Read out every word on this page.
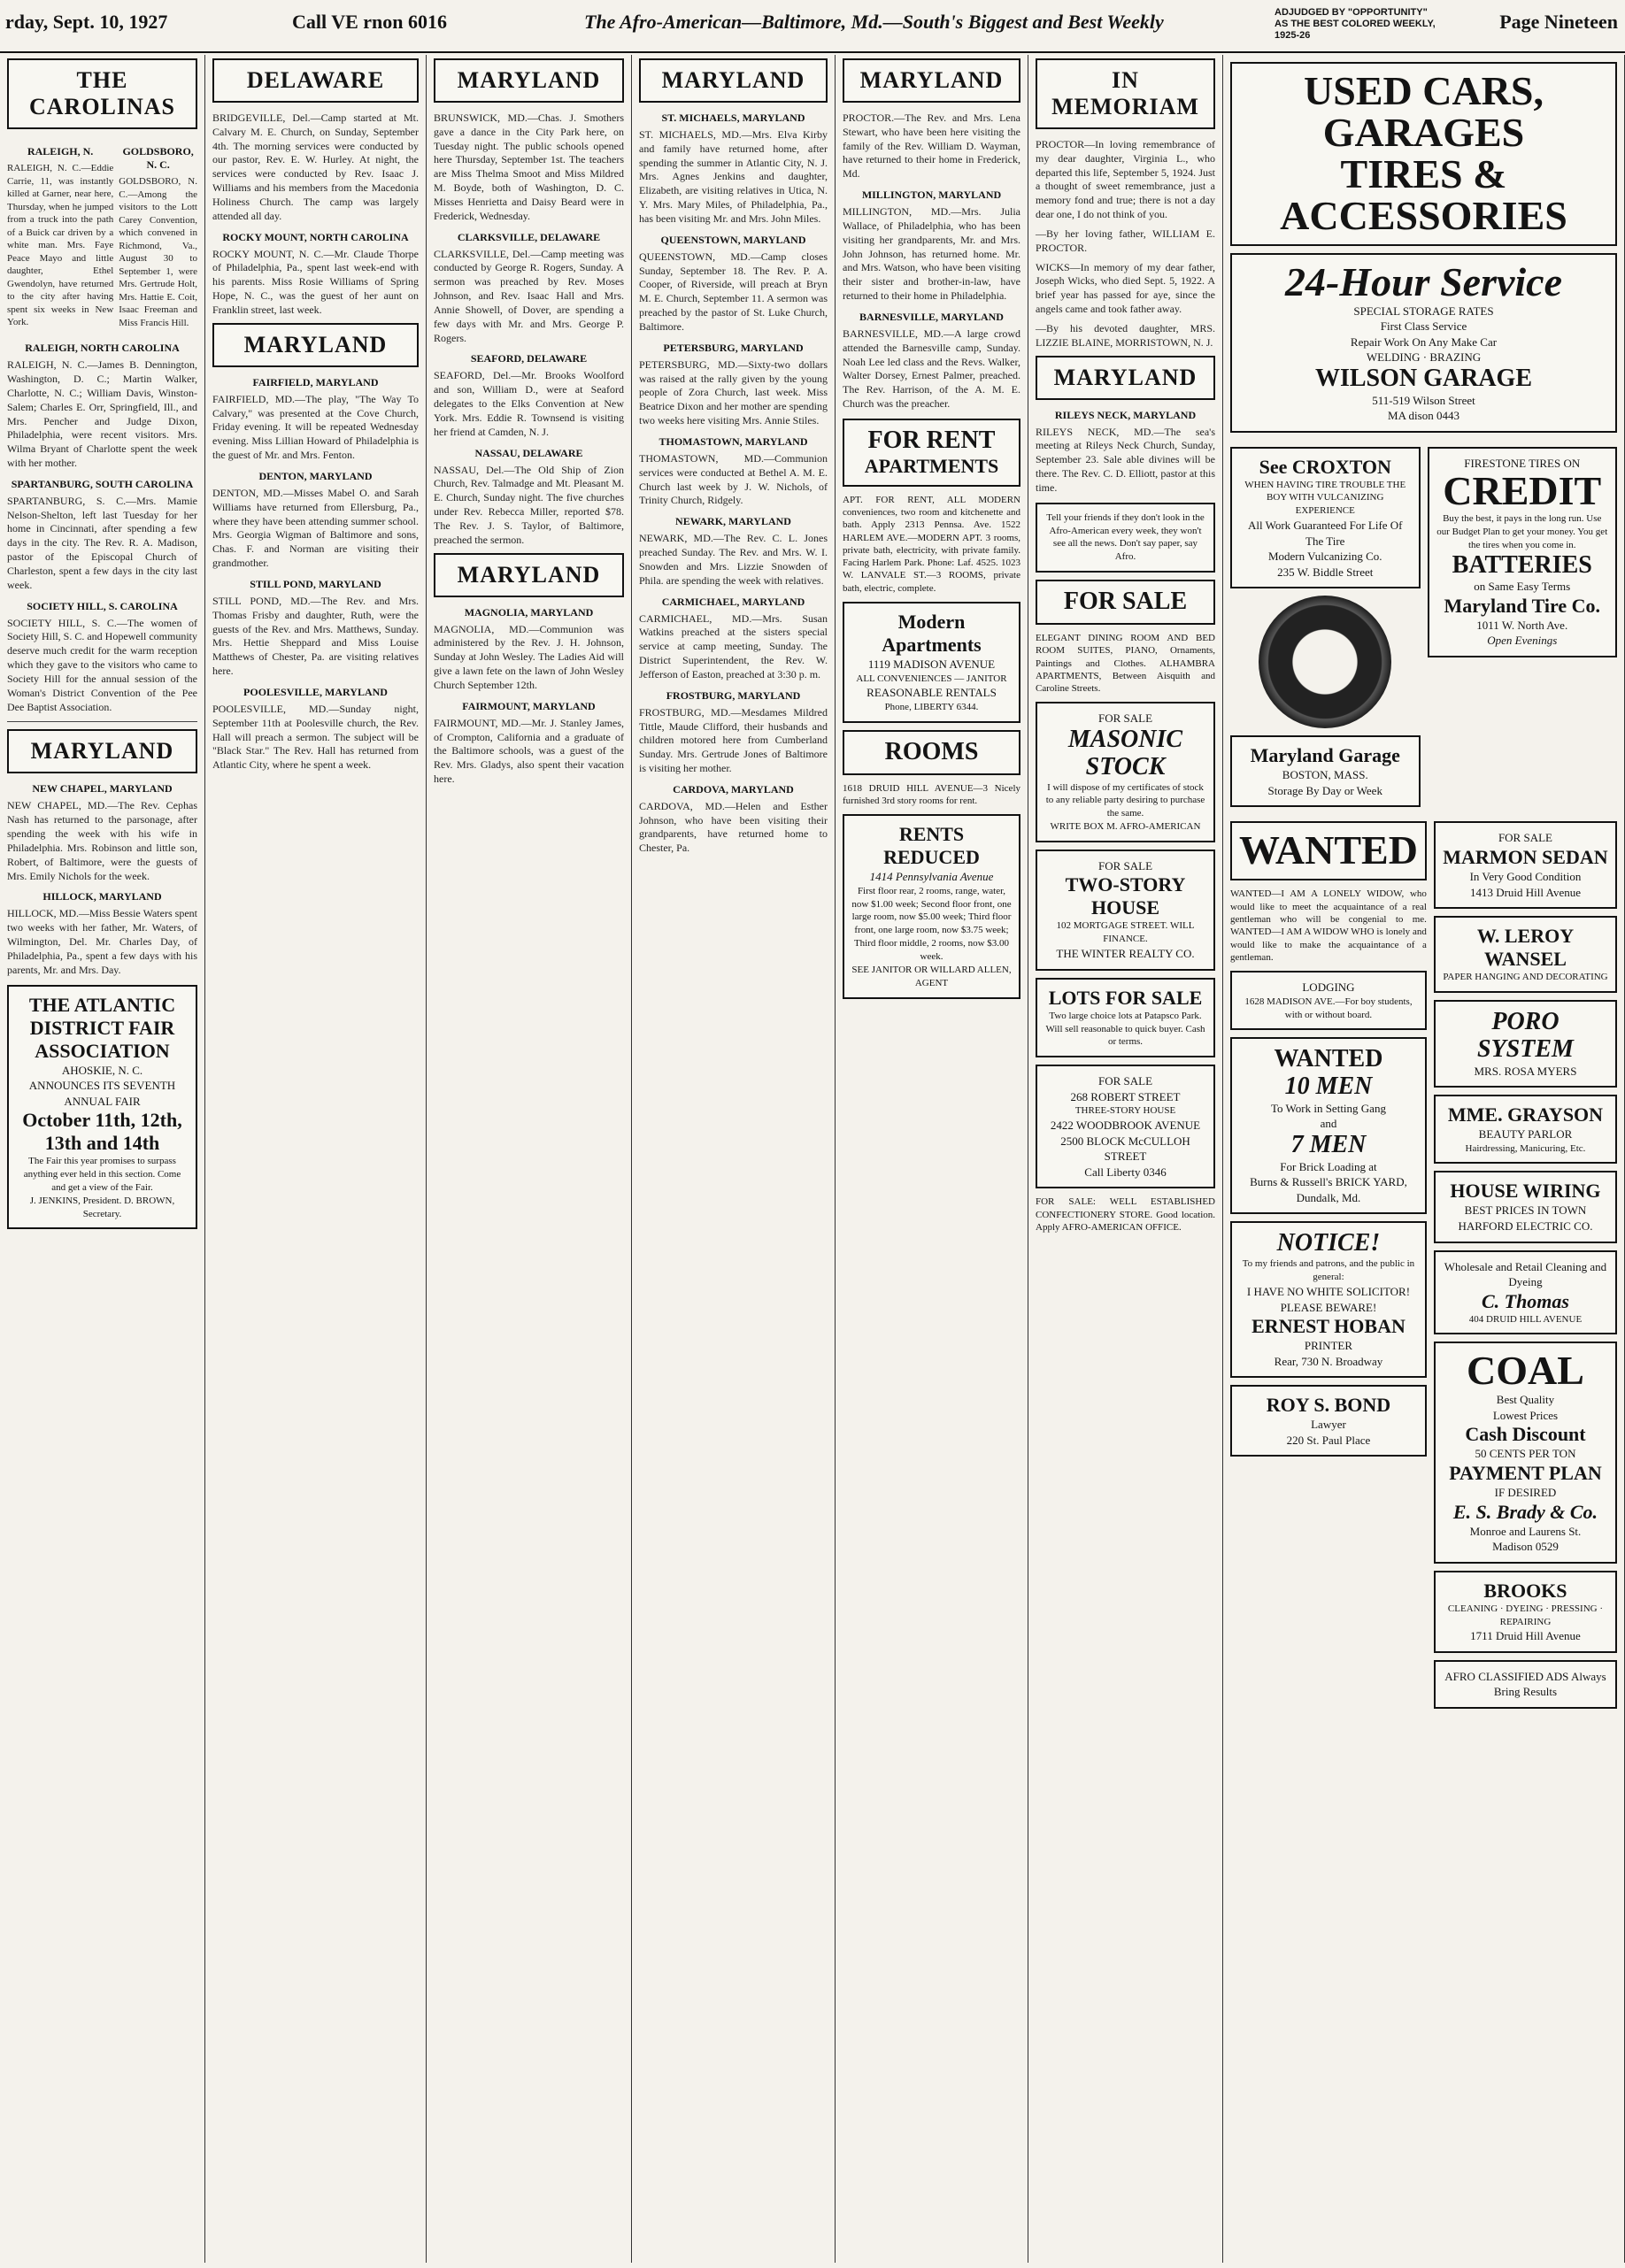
rday, Sept. 10, 1927	Call VE rnon 6016	The Afro-American—Baltimore, Md.—South's Biggest and Best Weekly	ADJUDGED BY "OPPORTUNITY" AS THE BEST COLORED WEEKLY, 1925-26
Page Nineteen
THE CAROLINAS
RALEIGH, N.

RALEIGH, N. C.—Eddie Carrie, 11, was instantly killed at Garner, near here, Thursday, when he jumped from a truck into the path of a Buick car driven by a white man. Mrs. Faye Peace Mayo and little daughter, Ethel Gwendolyn, have returned to the city after having spent six weeks in New York.

GOLDSBORO, N. C.

GOLDSBORO, N. C.—Among the visitors to the Lott Carey Convention, which convened in Richmond, Va., August 30 to September 1, were Mrs. Gertrude Holt, Mrs. Hattie E. Coit, Isaac Freeman and Miss Francis Hill.

RALEIGH, NORTH CAROLINA

RALEIGH, N. C.—James B. Dennington, Washington, D. C.; Martin Walker, Charlotte, N. C.; William Davis, Winston-Salem; Charles E. Orr, Springfield, Ill., and Mrs. Pencher and Judge Dixon, Philadelphia, were recent visitors. Mrs. Wilma Bryant of Charlotte spent the week with her mother.

SPARTANBURG, SOUTH CAROLINA

SPARTANBURG, S. C.—Mrs. Mamie Nelson-Shelton, left last Tuesday for her home in Cincinnati, after spending a few days in the city. The Rev. R. A. Madison, pastor of the Episcopal Church of Charleston, spent a few days in the city last week.

SOCIETY HILL, S. CAROLINA

SOCIETY HILL, S. C.—The women of Society Hill, S. C. and Hopewell community deserve much credit for the warm reception which they gave to the visitors who came to Society Hill for the annual session of the Woman's District Convention of the Pee Dee Baptist Association.

MARYLAND
NEW CHAPEL, MARYLAND

NEW CHAPEL, MD.—The Rev. Cephas Nash has returned to the parsonage, after spending the week with his wife in Philadelphia. Mrs. Robinson and little son, Robert, of Baltimore, were the guests of Mrs. Emily Nichols for the week.

HILLOCK, MARYLAND

HILLOCK, MD.—Miss Bessie Waters spent two weeks with her father, Mr. Waters, of Wilmington, Del. Mr. Charles Day, of Philadelphia, Pa., spent a few days with his parents, Mr. and Mrs. Day.

THE ATLANTIC DISTRICT FAIR ASSOCIATION
AHOSKIE, N. C.
ANNOUNCES ITS SEVENTH ANNUAL FAIR
October 11th, 12th, 13th and 14th
The Fair this year promises to surpass anything ever held in this section. Come and get a view of the Fair.
J. JENKINS, President. D. BROWN, Secretary.
DELAWARE

BRIDGEVILLE, Del.—Camp started at Mt. Calvary M. E. Church, on Sunday, September 4th. The morning services were conducted by our pastor, Rev. E. W. Hurley. At night, the services were conducted by Rev. Isaac J. Williams and his members from the Macedonia Holiness Church. The camp was largely attended all day.

ROCKY MOUNT, NORTH CAROLINA

ROCKY MOUNT, N. C.—Mr. Claude Thorpe of Philadelphia, Pa., spent last week-end with his parents. Miss Rosie Williams of Spring Hope, N. C., was the guest of her aunt on Franklin street, last week.

MARYLAND
FAIRFIELD, MARYLAND

FAIRFIELD, MD.—The play, "The Way To Calvary," was presented at the Cove Church, Friday evening. It will be repeated Wednesday evening. Miss Lillian Howard of Philadelphia is the guest of Mr. and Mrs. Fenton.

DENTON, MARYLAND

DENTON, MD.—Misses Mabel O. and Sarah Williams have returned from Ellersburg, Pa., where they have been attending summer school. Mrs. Georgia Wigman of Baltimore and sons, Chas. F. and Norman are visiting their grandmother.

STILL POND, MARYLAND

STILL POND, MD.—The Rev. and Mrs. Thomas Frisby and daughter, Ruth, were the guests of the Rev. and Mrs. Matthews, Sunday. Mrs. Hettie Sheppard and Miss Louise Matthews of Chester, Pa. are visiting relatives here.

POOLESVILLE, MARYLAND

POOLESVILLE, MD.—Sunday night, September 11th at Poolesville church, the Rev. Hall will preach a sermon. The subject will be "Black Star." The Rev. Hall has returned from Atlantic City, where he spent a week.

MARYLAND

BRUNSWICK, MD.—Chas. J. Smothers gave a dance in the City Park here, on Tuesday night. The public schools opened here Thursday, September 1st. The teachers are Miss Thelma Smoot and Miss Mildred M. Boyde, both of Washington, D. C. Misses Henrietta and Daisy Beard were in Frederick, Wednesday.

CLARKSVILLE, DELAWARE

CLARKSVILLE, Del.—Camp meeting was conducted by George R. Rogers, Sunday. A sermon was preached by Rev. Moses Johnson, and Rev. Isaac Hall and Mrs. Annie Showell, of Dover, are spending a few days with Mr. and Mrs. George P. Rogers.

SEAFORD, DELAWARE

SEAFORD, Del.—Mr. Brooks Woolford and son, William D., were at Seaford delegates to the Elks Convention at New York. Mrs. Eddie R. Townsend is visiting her friend at Camden, N. J.

NASSAU, DELAWARE

NASSAU, Del.—The Old Ship of Zion Church, Rev. Talmadge and Mt. Pleasant M. E. Church, Sunday night. The five churches under Rev. Rebecca Miller, reported $78. The Rev. J. S. Taylor, of Baltimore, preached the sermon.

MARYLAND
MAGNOLIA, MARYLAND

MAGNOLIA, MD.—Communion was administered by the Rev. J. H. Johnson, Sunday at John Wesley. The Ladies Aid will give a lawn fete on the lawn of John Wesley Church September 12th.

FAIRMOUNT, MARYLAND

FAIRMOUNT, MD.—Mr. J. Stanley James, of Crompton, California and a graduate of the Baltimore schools, was a guest of the Rev. Mrs. Gladys, also spent their vacation here.

MARYLAND
ST. MICHAELS, MARYLAND

ST. MICHAELS, MD.—Mrs. Elva Kirby and family have returned home, after spending the summer in Atlantic City, N. J. Mrs. Agnes Jenkins and daughter, Elizabeth, are visiting relatives in Utica, N. Y. Mrs. Mary Miles, of Philadelphia, Pa., has been visiting Mr. and Mrs. John Miles.

QUEENSTOWN, MARYLAND

QUEENSTOWN, MD.—Camp closes Sunday, September 18. The Rev. P. A. Cooper, of Riverside, will preach at Bryn M. E. Church, September 11. A sermon was preached by the pastor of St. Luke Church, Baltimore.

PETERSBURG, MARYLAND

PETERSBURG, MD.—Sixty-two dollars was raised at the rally given by the young people of Zora Church, last week. Miss Beatrice Dixon and her mother are spending two weeks here visiting Mrs. Annie Stiles.

THOMASTOWN, MARYLAND

THOMASTOWN, MD.—Communion services were conducted at Bethel A. M. E. Church last week by J. W. Nichols, of Trinity Church, Ridgely.

NEWARK, MARYLAND

NEWARK, MD.—The Rev. C. L. Jones preached Sunday. The Rev. and Mrs. W. I. Snowden and Mrs. Lizzie Snowden of Phila. are spending the week with relatives.

CARMICHAEL, MARYLAND

CARMICHAEL, MD.—Mrs. Susan Watkins preached at the sisters special service at camp meeting, Sunday. The District Superintendent, the Rev. W. Jefferson of Easton, preached at 3:30 p. m.

FROSTBURG, MARYLAND

FROSTBURG, MD.—Mesdames Mildred Tittle, Maude Clifford, their husbands and children motored here from Cumberland Sunday. Mrs. Gertrude Jones of Baltimore is visiting her mother.

CARDOVA, MARYLAND

CARDOVA, MD.—Helen and Esther Johnson, who have been visiting their grandparents, have returned home to Chester, Pa.

MARYLAND

PROCTOR.—The Rev. and Mrs. Lena Stewart, who have been here visiting the family of the Rev. William D. Wayman, have returned to their home in Frederick, Md.

MILLINGTON, MARYLAND

MILLINGTON, MD.—Mrs. Julia Wallace, of Philadelphia, who has been visiting her grandparents, Mr. and Mrs. John Johnson, has returned home. Mr. and Mrs. Watson, who have been visiting their sister and brother-in-law, have returned to their home in Philadelphia.

BARNESVILLE, MARYLAND

BARNESVILLE, MD.—A large crowd attended the Barnesville camp, Sunday. Noah Lee led class and the Revs. Walker, Walter Dorsey, Ernest Palmer, preached. The Rev. Harrison, of the A. M. E. Church was the preacher.

FOR RENT
APARTMENTS

APT. FOR RENT, ALL MODERN conveniences, two room and kitchenette and bath. Apply 2313 Pennsa. Ave. 1522 HARLEM AVE.—MODERN APT. 3 rooms, private bath, electricity, with private family. Facing Harlem Park. Phone: Laf. 4525. 1023 W. LANVALE ST.—3 ROOMS, private bath, electric, complete.

Modern Apartments
1119 MADISON AVENUE
ALL CONVENIENCES — JANITOR
REASONABLE RENTALS
Phone, LIBERTY 6344.
ROOMS

1618 DRUID HILL AVENUE—3 Nicely furnished 3rd story rooms for rent.

RENTS REDUCED
1414 Pennsylvania Avenue
First floor rear, 2 rooms, range, water, now $1.00 week; Second floor front, one large room, now $5.00 week; Third floor front, one large room, now $3.75 week; Third floor middle, 2 rooms, now $3.00 week.
SEE JANITOR OR WILLARD ALLEN, AGENT
IN MEMORIAM

PROCTOR—In loving remembrance of my dear daughter, Virginia L., who departed this life, September 5, 1924. Just a thought of sweet remembrance, just a memory fond and true; there is not a day dear one, I do not think of you.

—By her loving father, WILLIAM E. PROCTOR.

WICKS—In memory of my dear father, Joseph Wicks, who died Sept. 5, 1922. A brief year has passed for aye, since the angels came and took father away.

—By his devoted daughter, MRS. LIZZIE BLAINE, MORRISTOWN, N. J.

MARYLAND
RILEYS NECK, MARYLAND

RILEYS NECK, MD.—The sea's meeting at Rileys Neck Church, Sunday, September 23. Sale able divines will be there. The Rev. C. D. Elliott, pastor at this time.

Tell your friends if they don't look in the Afro-American every week, they won't see all the news. Don't say paper, say Afro.
FOR SALE

ELEGANT DINING ROOM AND BED ROOM SUITES, PIANO, Ornaments, Paintings and Clothes. ALHAMBRA APARTMENTS, Between Aisquith and Caroline Streets.

FOR SALE
MASONIC STOCK
I will dispose of my certificates of stock to any reliable party desiring to purchase the same.
WRITE BOX M. AFRO-AMERICAN
FOR SALE
TWO-STORY HOUSE
102 MORTGAGE STREET. WILL FINANCE.
THE WINTER REALTY CO.
LOTS FOR SALE
Two large choice lots at Patapsco Park. Will sell reasonable to quick buyer. Cash or terms.
FOR SALE
268 ROBERT STREET
THREE-STORY HOUSE
2422 WOODBROOK AVENUE
2500 BLOCK McCULLOH STREET
Call Liberty 0346

FOR SALE: WELL ESTABLISHED CONFECTIONERY STORE. Good location. Apply AFRO-AMERICAN OFFICE.

USED CARS, GARAGES
TIRES & ACCESSORIES
24-Hour Service
SPECIAL STORAGE RATES
First Class Service
Repair Work On Any Make Car
WELDING · BRAZING
WILSON GARAGE
511-519 Wilson Street
MA dison 0443
See CROXTON
WHEN HAVING TIRE TROUBLE THE BOY WITH VULCANIZING EXPERIENCE
All Work Guaranteed For Life Of The Tire
Modern Vulcanizing Co.
235 W. Biddle Street
Maryland Garage
BOSTON, MASS.
Storage By Day or Week
FIRESTONE TIRES ON
CREDIT
Buy the best, it pays in the long run. Use our Budget Plan to get your money. You get the tires when you come in.
BATTERIES
on Same Easy Terms
Maryland Tire Co.
1011 W. North Ave.
Open Evenings
WANTED

WANTED—I AM A LONELY WIDOW, who would like to meet the acquaintance of a real gentleman who will be congenial to me. WANTED—I AM A WIDOW WHO is lonely and would like to make the acquaintance of a gentleman.

LODGING
1628 MADISON AVE.—For boy students, with or without board.
WANTED
10 MEN
To Work in Setting Gang
and
7 MEN
For Brick Loading at
Burns & Russell's BRICK YARD, Dundalk, Md.
NOTICE!
To my friends and patrons, and the public in general:
I HAVE NO WHITE SOLICITOR! PLEASE BEWARE!
ERNEST HOBAN
PRINTER
Rear, 730 N. Broadway
ROY S. BOND
Lawyer
220 St. Paul Place
FOR SALE
MARMON SEDAN
In Very Good Condition
1413 Druid Hill Avenue
W. LEROY WANSEL
PAPER HANGING AND DECORATING
PORO SYSTEM
MRS. ROSA MYERS
MME. GRAYSON
BEAUTY PARLOR
Hairdressing, Manicuring, Etc.
HOUSE WIRING
BEST PRICES IN TOWN
HARFORD ELECTRIC CO.
Wholesale and Retail Cleaning and Dyeing
C. Thomas
404 DRUID HILL AVENUE
COAL
Best Quality
Lowest Prices
Cash Discount
50 CENTS PER TON
PAYMENT PLAN
IF DESIRED
E. S. Brady & Co.
Monroe and Laurens St.
Madison 0529
BROOKS
CLEANING · DYEING · PRESSING · REPAIRING
1711 Druid Hill Avenue
AFRO CLASSIFIED ADS Always Bring Results
